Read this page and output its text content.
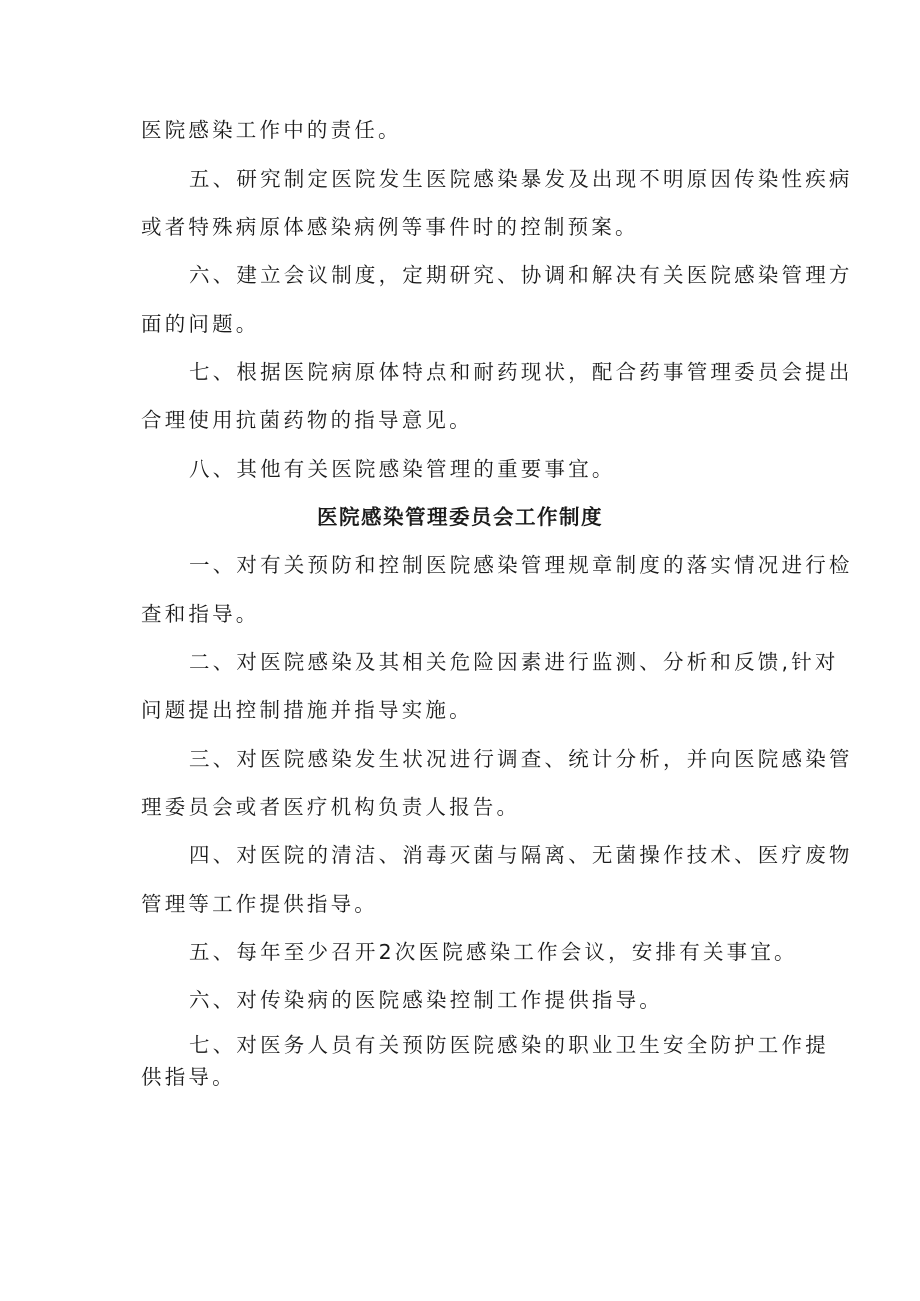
医院感染工作中的责任。
五、研究制定医院发生医院感染暴发及出现不明原因传染性疾病
或者特殊病原体感染病例等事件时的控制预案。
六、建立会议制度，定期研究、协调和解决有关医院感染管理方
面的问题。
七、根据医院病原体特点和耐药现状，配合药事管理委员会提出
合理使用抗菌药物的指导意见。
八、其他有关医院感染管理的重要事宜。
医院感染管理委员会工作制度
一、对有关预防和控制医院感染管理规章制度的落实情况进行检
查和指导。
二、对医院感染及其相关危险因素进行监测、分析和反馈,针对
问题提出控制措施并指导实施。
三、对医院感染发生状况进行调查、统计分析，并向医院感染管
理委员会或者医疗机构负责人报告。
四、对医院的清洁、消毒灭菌与隔离、无菌操作技术、医疗废物
管理等工作提供指导。
五、每年至少召开2次医院感染工作会议，安排有关事宜。
六、对传染病的医院感染控制工作提供指导。
七、对医务人员有关预防医院感染的职业卫生安全防护工作提
供指导。
